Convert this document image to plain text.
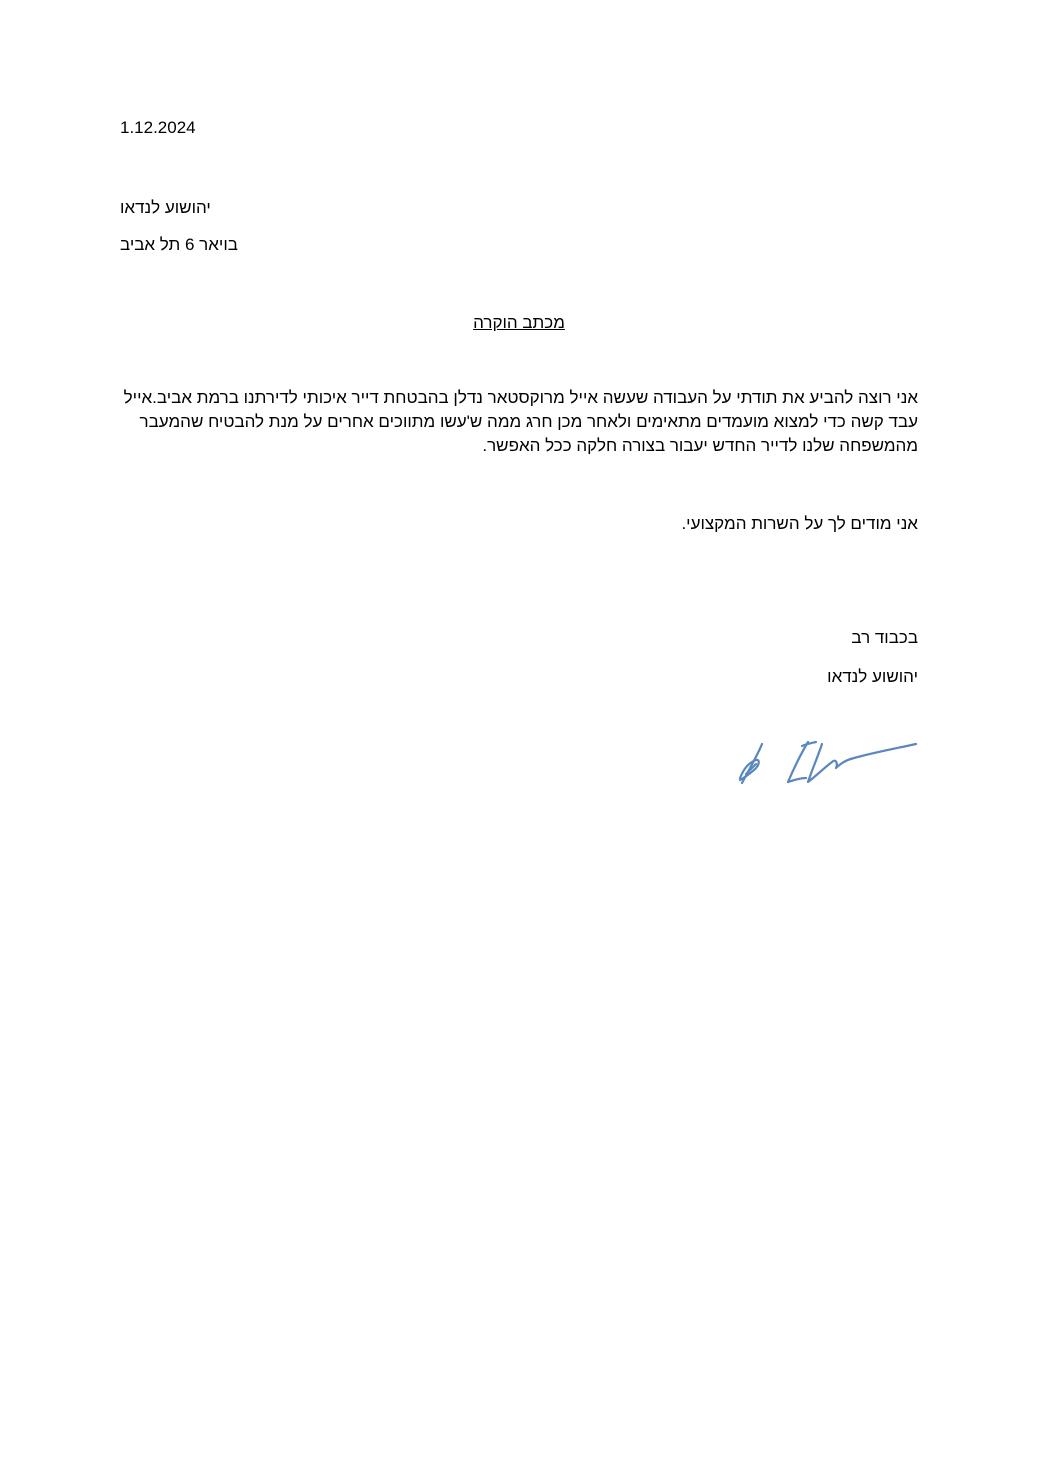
1.12.2024
יהושוע לנדאו
בויאר 6 תל אביב
מכתב הוקרה
אני רוצה להביע את תודתי על העבודה שעשה אייל מרוקסטאר נדלן בהבטחת דייר איכותי לדירתנו ברמת אביב.אייל עבד קשה כדי למצוא מועמדים מתאימים ולאחר מכן חרג ממה ש'עשו מתווכים אחרים על מנת להבטיח שהמעבר מהמשפחה שלנו לדייר החדש יעבור בצורה חלקה ככל האפשר.
אני מודים לך על השרות המקצועי.
בכבוד רב
יהושוע לנדאו
